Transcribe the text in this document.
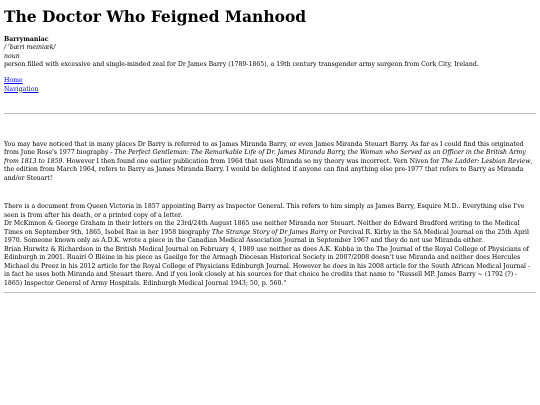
The Doctor Who Feigned Manhood
Barrymaniac
/ ˈbæri meɪniæk/
noun
person filled with excessive and single-minded zeal for Dr James Barry (1789-1865), a 19th century transgender army surgeon from Cork City, Ireland.
Home
Navigation

You may have noticed that in many places Dr Barry is referred to as James Miranda Barry, or even James Miranda Steuart Barry. As far as I could find this originated from June Rose's 1977 biography - The Perfect Gentleman: The Remarkable Life of Dr. James Miranda Barry, the Woman who Served as an Officer in the British Army from 1813 to 1859. However I then found one earlier publication from 1964 that uses Miranda so my theory was incorrect. Vern Niven for The Ladder: Lesbian Review, the edition from March 1964, refers to Barry as James Miranda Barry. I would be delighted if anyone can find anything else pre-1977 that refers to Barry as Miranda and/or Steuart!

There is a document from Queen Victoria in 1857 appointing Barry as Inspector General. This refers to him simply as James Barry, Esquire M.D.. Everything else I've seen is from after his death, or a printed copy of a letter.
Dr McKinnon & George Graham in their letters on the 23rd/24th August 1865 use neither Miranda nor Steuart. Neither do Edward Bradford writing to the Medical Times on September 9th, 1865, Isobel Rae in her 1958 biography The Strange Story of Dr James Barry or Percival R. Kirby in the SA Medical Journal on the 25th April 1970. Someone known only as A.D.K. wrote a piece in the Canadian Medical Association Journal in September 1967 and they do not use Miranda either.
Brian Hurwitz & Richardson in the British Medical Journal on February 4, 1989 use neither as does A.K. Kubba in the The Journal of the Royal College of Physicians of Edinburgh in 2001. Ruairí Ó Bléine in his piece as Gaeilge for the Armagh Diocesan Historical Society in 2007/2008 doesn't use Miranda and neither does Hercules Michael du Preez in his 2012 article for the Royal College of Physicians Edinburgh Journal. However he does in his 2008 article for the South African Medical Journal - in fact he uses both Miranda and Steuart there. And if you look closely at his sources for that choice he credits that name to "Russell MP. James Barry ~ (1792 (?) - 1865) Inspector General of Army Hospitals. Edinburgh Medical Journal 1943; 50, p. 560."
